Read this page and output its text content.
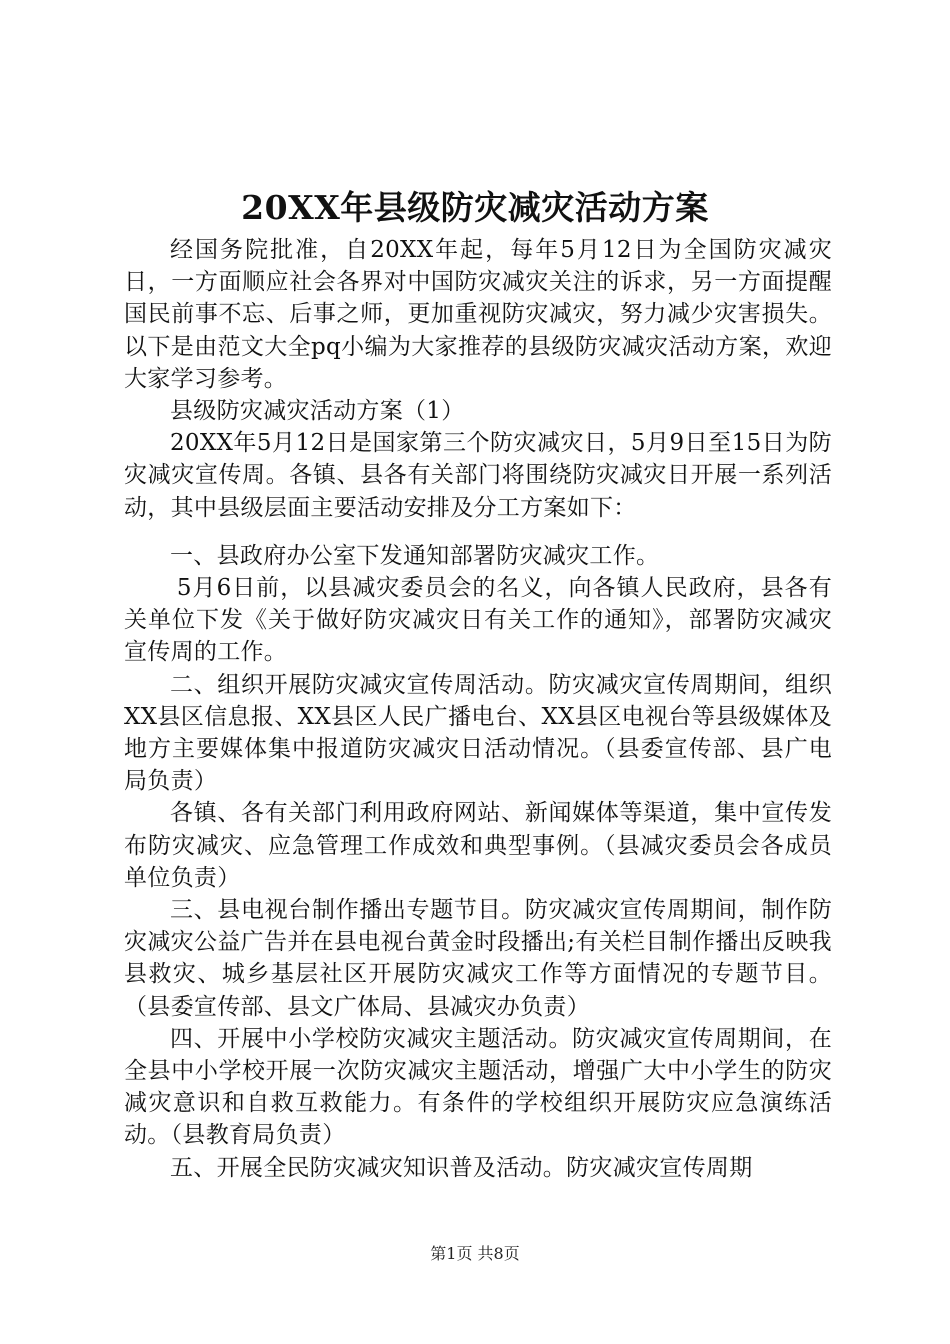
20XX年县级防灾减灾活动方案

经国务院批准，自20XX年起，每年5月12日为全国防灾减灾日，一方面顺应社会各界对中国防灾减灾关注的诉求，另一方面提醒国民前事不忘、后事之师，更加重视防灾减灾，努力减少灾害损失。以下是由范文大全pq小编为大家推荐的县级防灾减灾活动方案，欢迎大家学习参考。

县级防灾减灾活动方案（1）

20XX年5月12日是国家第三个防灾减灾日，5月9日至15日为防灾减灾宣传周。各镇、县各有关部门将围绕防灾减灾日开展一系列活动，其中县级层面主要活动安排及分工方案如下：

一、县政府办公室下发通知部署防灾减灾工作。

5月6日前，以县减灾委员会的名义，向各镇人民政府，县各有关单位下发《关于做好防灾减灾日有关工作的通知》，部署防灾减灾宣传周的工作。

二、组织开展防灾减灾宣传周活动。防灾减灾宣传周期间，组织XX县区信息报、XX县区人民广播电台、XX县区电视台等县级媒体及地方主要媒体集中报道防灾减灾日活动情况。（县委宣传部、县广电局负责）

各镇、各有关部门利用政府网站、新闻媒体等渠道，集中宣传发布防灾减灾、应急管理工作成效和典型事例。（县减灾委员会各成员单位负责）

三、县电视台制作播出专题节目。防灾减灾宣传周期间，制作防灾减灾公益广告并在县电视台黄金时段播出;有关栏目制作播出反映我县救灾、城乡基层社区开展防灾减灾工作等方面情况的专题节目。（县委宣传部、县文广体局、县减灾办负责）

四、开展中小学校防灾减灾主题活动。防灾减灾宣传周期间，在全县中小学校开展一次防灾减灾主题活动，增强广大中小学生的防灾减灾意识和自救互救能力。有条件的学校组织开展防灾应急演练活动。（县教育局负责）

五、开展全民防灾减灾知识普及活动。防灾减灾宣传周期

第1页 共8页
